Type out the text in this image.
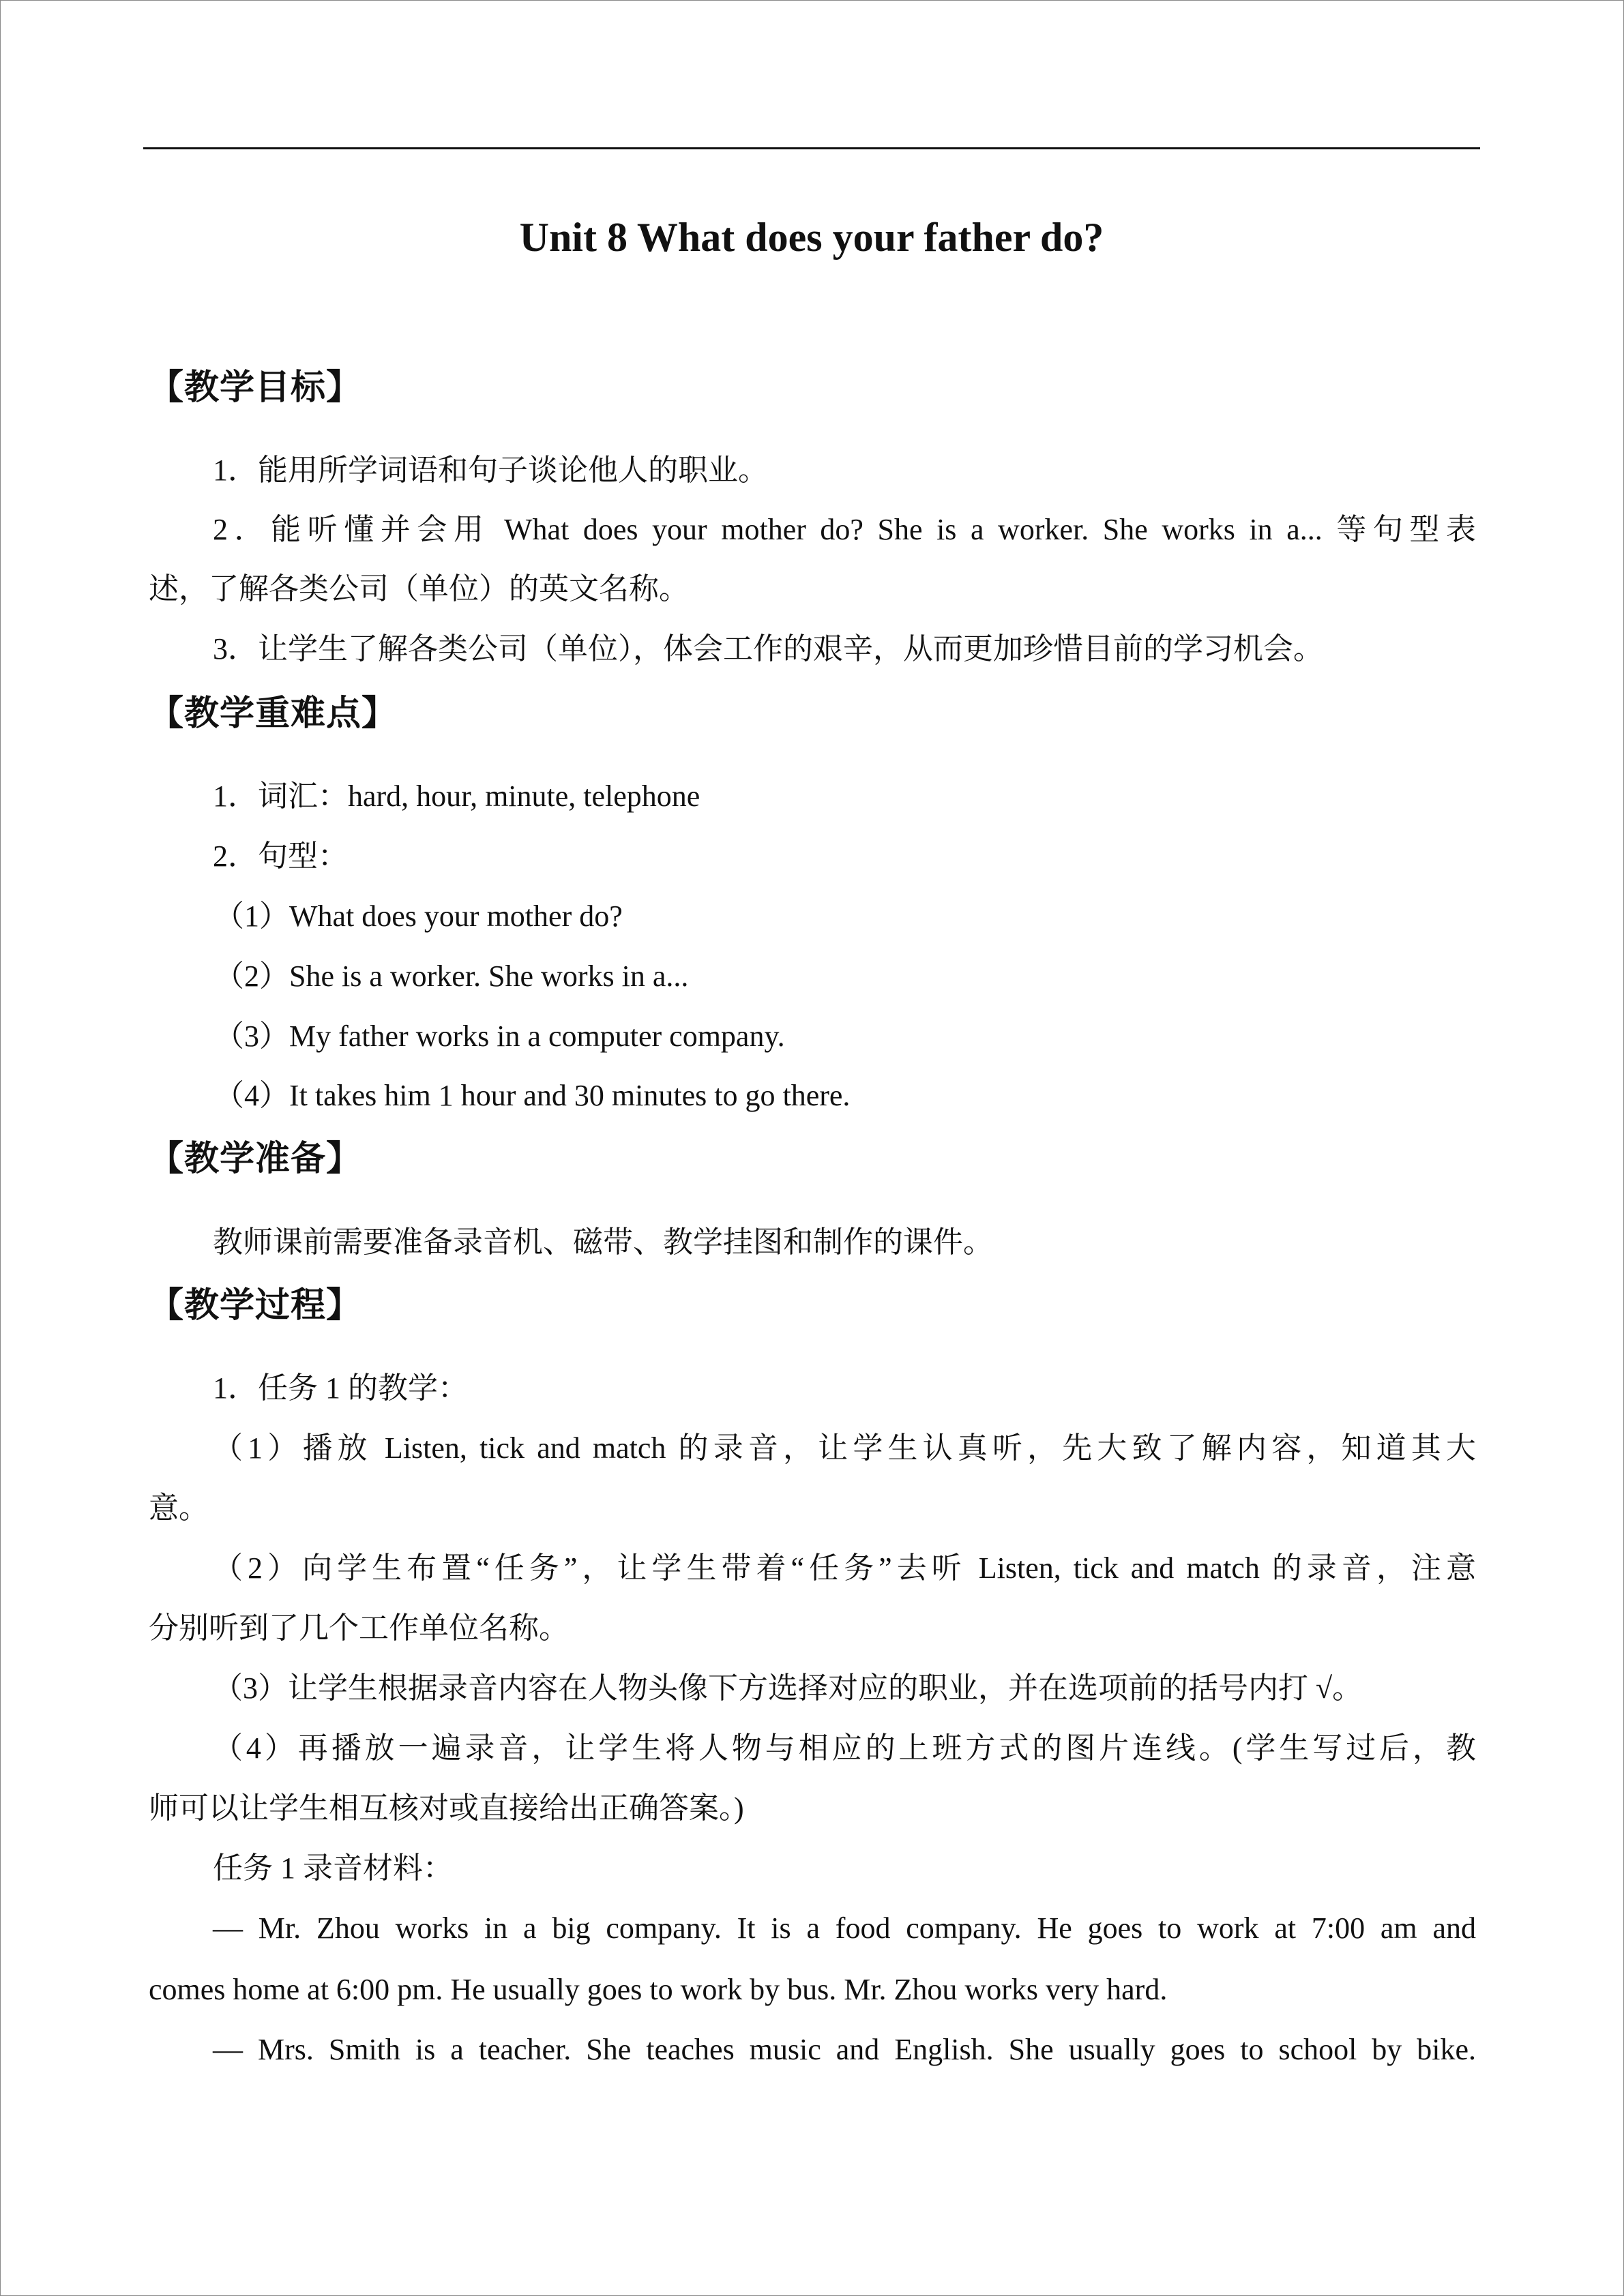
Unit 8 What does your father do?
【教学目标】
1．能用所学词语和句子谈论他人的职业。
2．能听懂并会用 What does your mother do? She is a worker. She works in a... 等句型表
述，了解各类公司（单位）的英文名称。
3．让学生了解各类公司（单位），体会工作的艰辛，从而更加珍惜目前的学习机会。
【教学重难点】
1．词汇：hard, hour, minute, telephone
2．句型：
（1）What does your mother do?
（2）She is a worker. She works in a...
（3）My father works in a computer company.
（4）It takes him 1 hour and 30 minutes to go there.
【教学准备】
教师课前需要准备录音机、磁带、教学挂图和制作的课件。
【教学过程】
1．任务 1 的教学：
（1）播放 Listen, tick and match 的录音，让学生认真听，先大致了解内容，知道其大
意。
（2）向学生布置“任务”，让学生带着“任务”去听 Listen, tick and match 的录音，注意
分别听到了几个工作单位名称。
（3）让学生根据录音内容在人物头像下方选择对应的职业，并在选项前的括号内打 √。
（4）再播放一遍录音，让学生将人物与相应的上班方式的图片连线。(学生写过后，教
师可以让学生相互核对或直接给出正确答案。)
任务 1 录音材料：
— Mr. Zhou works in a big company. It is a food company. He goes to work at 7:00 am and
comes home at 6:00 pm. He usually goes to work by bus. Mr. Zhou works very hard.
— Mrs. Smith is a teacher. She teaches music and English. She usually goes to school by bike.
